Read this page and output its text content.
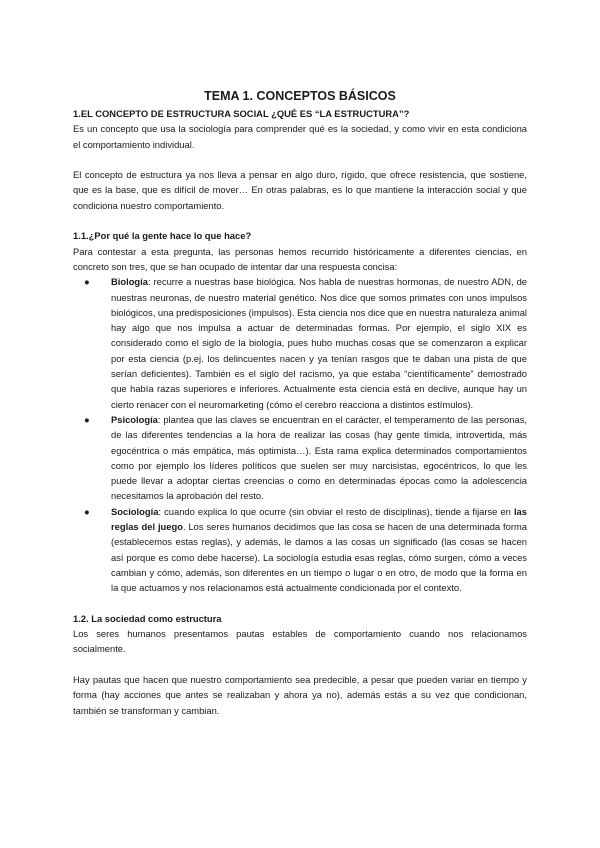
TEMA 1. CONCEPTOS BÁSICOS
1.EL CONCEPTO DE ESTRUCTURA SOCIAL ¿QUÉ ES “LA ESTRUCTURA”?

Es un concepto que usa la sociología para comprender qué es la sociedad, y como vivir en esta condiciona el comportamiento individual.

El concepto de estructura ya nos lleva a pensar en algo duro, rígido, que ofrece resistencia, que sostiene, que es la base, que es difícil de mover… En otras palabras, es lo que mantiene la interacción social y que condiciona nuestro comportamiento.

1.1.¿Por qué la gente hace lo que hace?

Para contestar a esta pregunta, las personas hemos recurrido históricamente a diferentes ciencias, en concreto son tres, que se han ocupado de intentar dar una respuesta concisa:

● Biología: recurre a nuestras base biológica. Nos habla de nuestras hormonas, de nuestro ADN, de nuestras neuronas, de nuestro material genético. Nos dice que somos primates con unos impulsos biológicos, una predisposiciones (impulsos). Esta ciencia nos dice que en nuestra naturaleza animal hay algo que nos impulsa a actuar de determinadas formas. Por ejemplo, el siglo XIX es considerado como el siglo de la biología, pues hubo muchas cosas que se comenzaron a explicar por esta ciencia (p.ej. los delincuentes nacen y ya tenían rasgos que te daban una pista de que serían deficientes). También es el siglo del racismo, ya que estaba “científicamente” demostrado que había razas superiores e inferiores. Actualmente esta ciencia está en declive, aunque hay un cierto renacer con el neuromarketing (cómo el cerebro reacciona a distintos estímulos).
● Psicología: plantea que las claves se encuentran en el carácter, el temperamento de las personas, de las diferentes tendencias a la hora de realizar las cosas (hay gente tímida, introvertida, más egocéntrica o más empática, más optimista…). Esta rama explica determinados comportamientos como por ejemplo los líderes políticos que suelen ser muy narcisistas, egocéntricos, lo que les puede llevar a adoptar ciertas creencias o como en determinadas épocas como la adolescencia necesitamos la aprobación del resto.
● Sociología: cuando explica lo que ocurre (sin obviar el resto de disciplinas), tiende a fijarse en las reglas del juego. Los seres humanos decidimos que las cosa se hacen de una determinada forma (establecemos estas reglas), y además, le damos a las cosas un significado (las cosas se hacen así porque es como debe hacerse). La sociología estudia esas reglas, cómo surgen, cómo a veces cambian y cómo, además, son diferentes en un tiempo o lugar o en otro, de modo que la forma en la que actuamos y nos relacionamos está actualmente condicionada por el contexto.
1.2. La sociedad como estructura

Los seres humanos presentamos pautas estables de comportamiento cuando nos relacionamos socialmente.

Hay pautas que hacen que nuestro comportamiento sea predecible, a pesar que pueden variar en tiempo y forma (hay acciones que antes se realizaban y ahora ya no), además estás a su vez que condicionan, también se transforman y cambian.
